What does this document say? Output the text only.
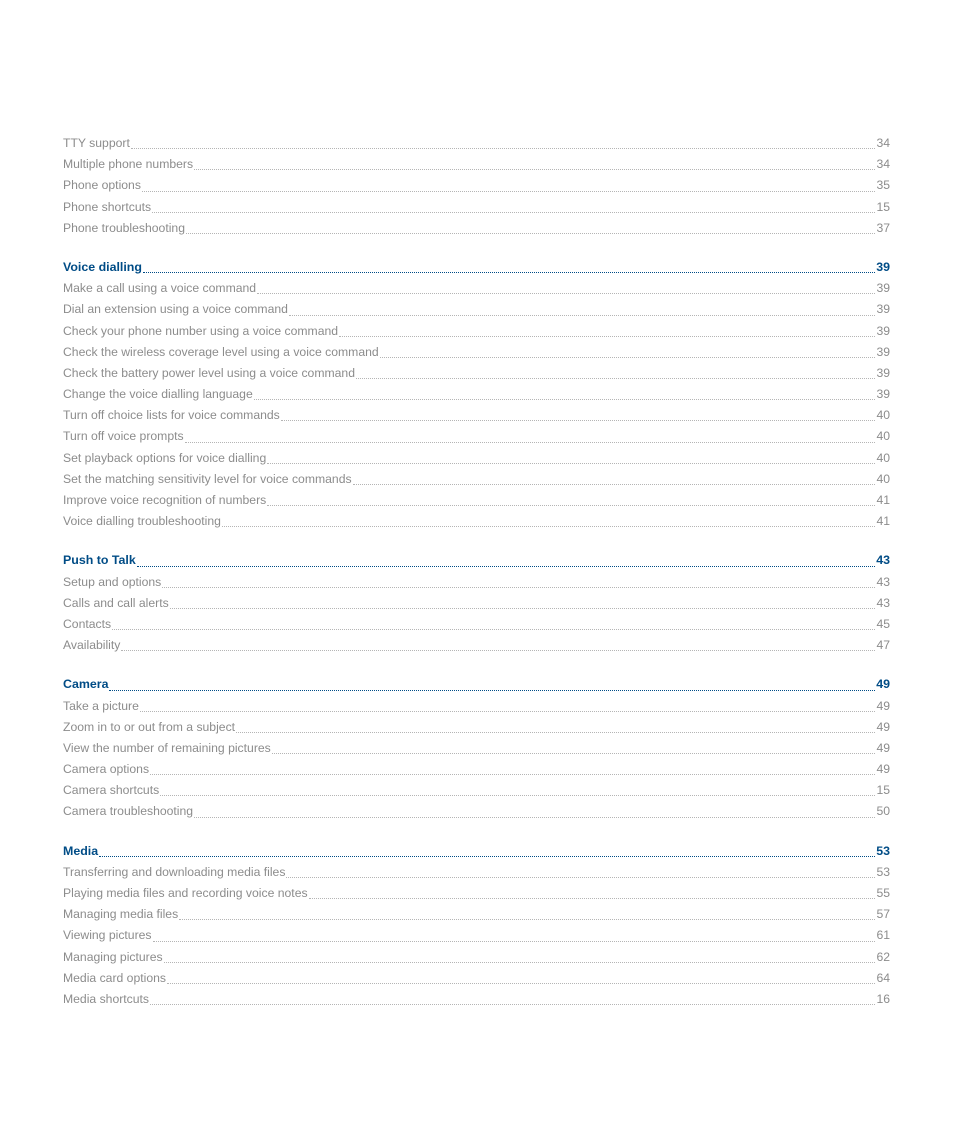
TTY support	34
Multiple phone numbers	34
Phone options	35
Phone shortcuts	15
Phone troubleshooting	37
Voice dialling	39
Make a call using a voice command	39
Dial an extension using a voice command	39
Check your phone number using a voice command	39
Check the wireless coverage level using a voice command	39
Check the battery power level using a voice command	39
Change the voice dialling language	39
Turn off choice lists for voice commands	40
Turn off voice prompts	40
Set playback options for voice dialling	40
Set the matching sensitivity level for voice commands	40
Improve voice recognition of numbers	41
Voice dialling troubleshooting	41
Push to Talk	43
Setup and options	43
Calls and call alerts	43
Contacts	45
Availability	47
Camera	49
Take a picture	49
Zoom in to or out from a subject	49
View the number of remaining pictures	49
Camera options	49
Camera shortcuts	15
Camera troubleshooting	50
Media	53
Transferring and downloading media files	53
Playing media files and recording voice notes	55
Managing media files	57
Viewing pictures	61
Managing pictures	62
Media card options	64
Media shortcuts	16
